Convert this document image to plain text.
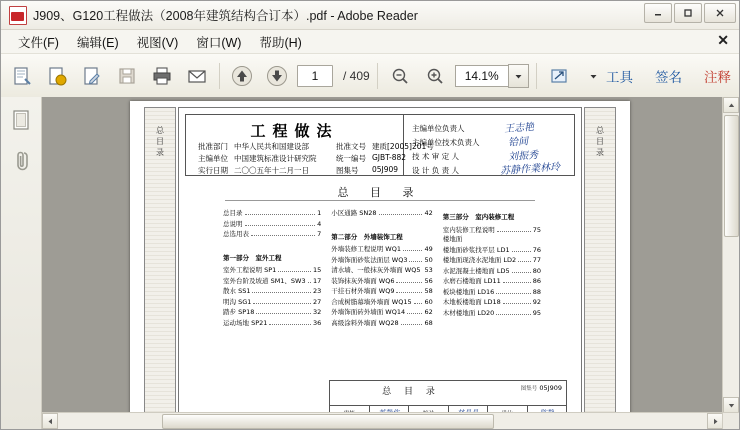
J909、G120工程做法（2008年建筑结构合订本）.pdf - Adobe Reader
文件(F)	编辑(E)	视图(V)	窗口(W)	帮助(H)	✕
1	/ 409	14.1%	工具 签名 注释
总目录	总目录
工程做法
批准部门 中华人民共和国建设部	批准文号 建质[2005]201号
主编单位 中国建筑标准设计研究院	统一编号 GJBT-882
实行日期 二〇〇五年十二月一日	图集号 05J909
主编单位负责人	王志艳
主编单位技术负责人	铪间
技 术 审 定 人	刘振秀
设 计 负 责 人	苏静作業林玲
总 目 录
总目录	1
总说明	4
总选用表	7
第一部分　室外工程
室外工程说明 SP1	15
室外台阶及坡道 SM1、SW3 17
散水 SS1	23
明沟 SG1	27
踏步 SP18	32
运动场地 SP21	36
小区通路 SN28	42
第二部分　外墙装饰工程
外墙装修工程说明 WQ1	49
外墙饰面砂浆法面层 WQ3	50
清水墙、一般抹灰外墙面 WQ5 53
装饰抹灰外墙面 WQ6	56
干挂石材外墙面 WQ9	58
合成树脂幕墙外墙面 WQ15 60
外墙饰面砖外墙面 WQ14	62
高级涂料外墙面 WQ28	68
第三部分　室内装修工程
室内装修工程说明	75
楼地面
楼地面砂浆找平层 LD1	76
楼地面现浇水泥地面 LD2	77
水泥混凝土楼地面 LD5	80
水磨石楼地面 LD11	86
板块楼地面 LD16	88
木地板楼地面 LD18	92
木材楼地面 LD20	95
总 目 录	图集号 05J909
